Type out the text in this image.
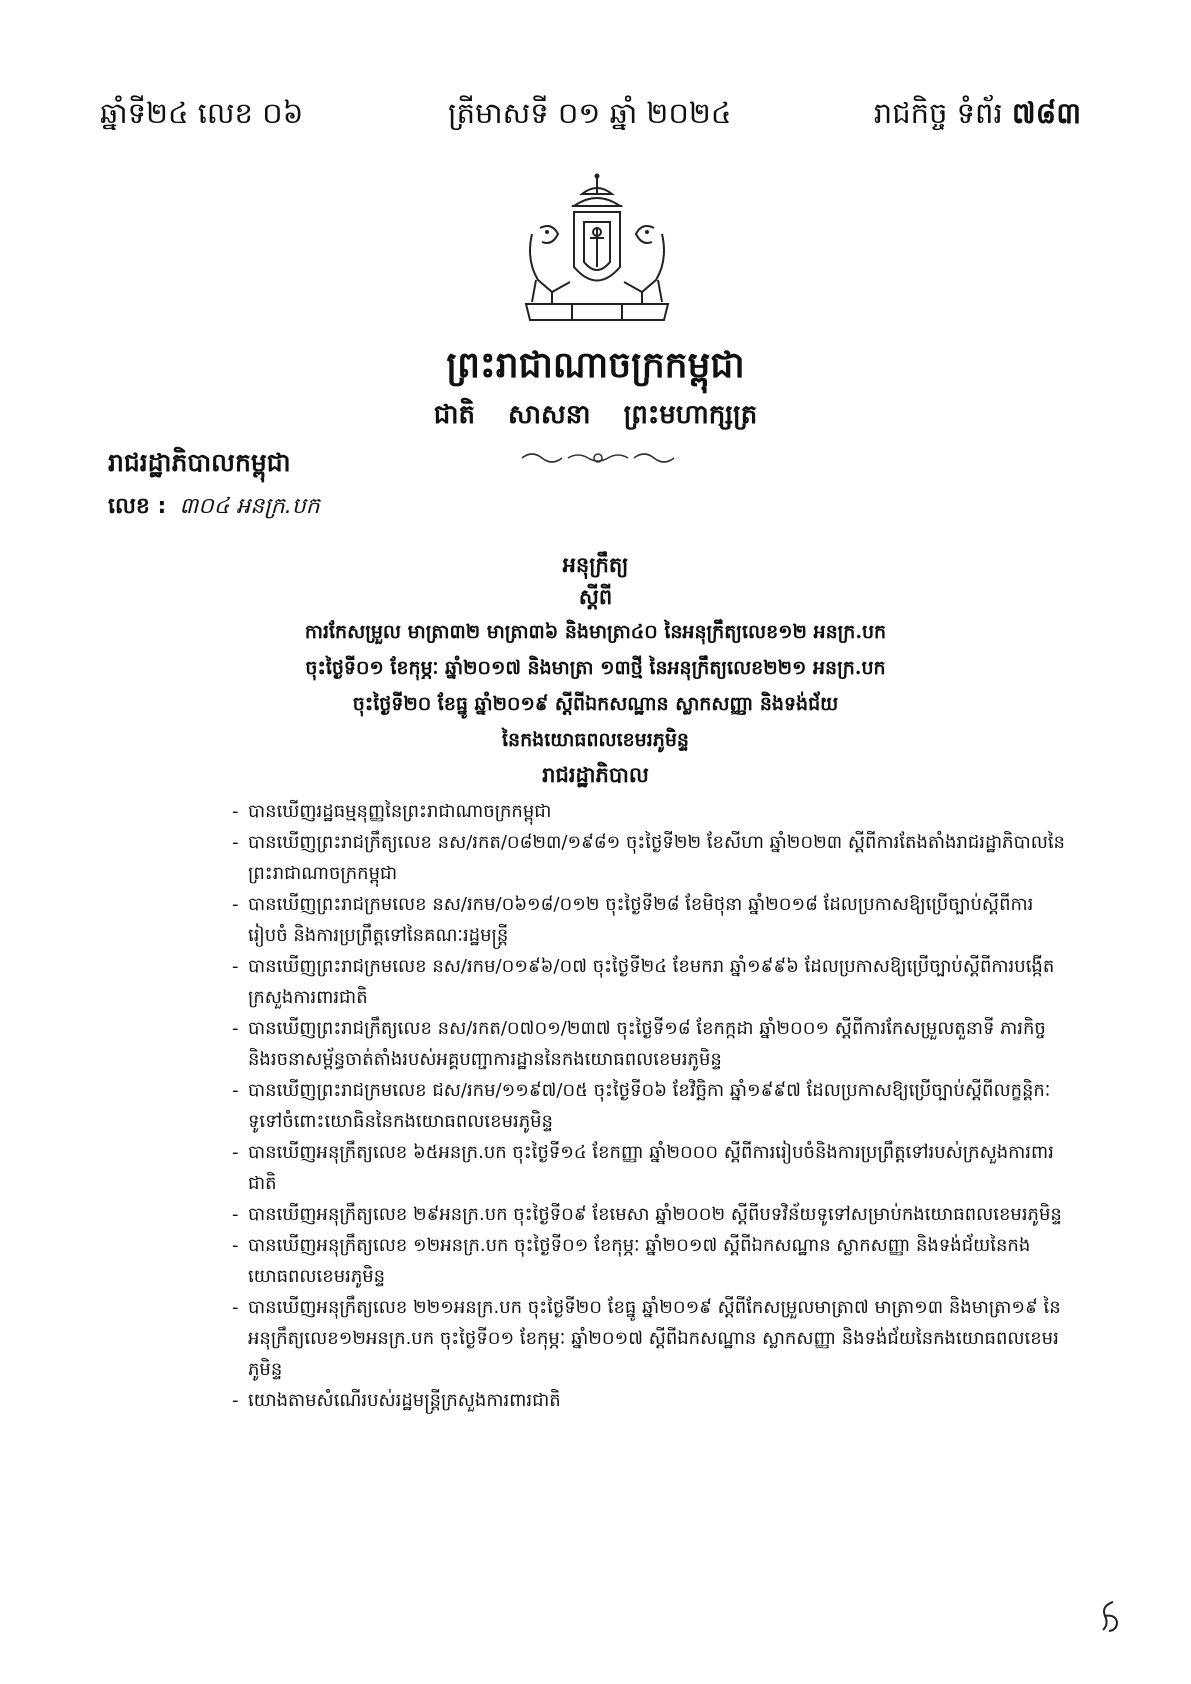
ឆ្នាំទី២៤ លេខ ០៦	ត្រីមាសទី ០១ ឆ្នាំ ២០២៤	រាជកិច្ច ទំព័រ ៧៨៣
ព្រះរាជាណាចក្រកម្ពុជា
ជាតិ សាសនា ព្រះមហាក្សត្រ
រាជរដ្ឋាភិបាលកម្ពុជា
លេខ : ៣០៤ អនក្រ.បក
អនុក្រឹត្យ
ស្ដីពី
ការកែសម្រួល មាត្រា៣២ មាត្រា៣៦ និងមាត្រា៤០ នៃអនុក្រឹត្យលេខ១២ អនក្រ.បក
ចុះថ្ងៃទី០១ ខែកុម្ភៈ ឆ្នាំ២០១៧ និងមាត្រា ១៣ថ្មី នៃអនុក្រឹត្យលេខ២២១ អនក្រ.បក
ចុះថ្ងៃទី២០ ខែធ្នូ ឆ្នាំ២០១៩ ស្ដីពីឯកសណ្ឋាន ស្លាកសញ្ញា និងទង់ជ័យ
នៃកងយោធពលខេមរភូមិន្ទ
រាជរដ្ឋាភិបាល
- បានឃើញរដ្ឋធម្មនុញ្ញនៃព្រះរាជាណាចក្រកម្ពុជា
- បានឃើញព្រះរាជក្រឹត្យលេខ នស/រកត/០៨២៣/១៩៨១ ចុះថ្ងៃទី២២ ខែសីហា ឆ្នាំ២០២៣ ស្ដីពីការតែងតាំងរាជរដ្ឋាភិបាលនៃព្រះរាជាណាចក្រកម្ពុជា
- បានឃើញព្រះរាជក្រមលេខ នស/រកម/០៦១៨/០១២ ចុះថ្ងៃទី២៨ ខែមិថុនា ឆ្នាំ២០១៨ ដែលប្រកាសឱ្យប្រើច្បាប់ស្ដីពីការរៀបចំ និងការប្រព្រឹត្តទៅនៃគណៈរដ្ឋមន្ត្រី
- បានឃើញព្រះរាជក្រមលេខ នស/រកម/០១៩៦/០៧ ចុះថ្ងៃទី២៤ ខែមករា ឆ្នាំ១៩៩៦ ដែលប្រកាសឱ្យប្រើច្បាប់ស្ដីពីការបង្កើតក្រសួងការពារជាតិ
- បានឃើញព្រះរាជក្រឹត្យលេខ នស/រកត/០៧០១/២៣៧ ចុះថ្ងៃទី១៨ ខែកក្កដា ឆ្នាំ២០០១ ស្ដីពីការកែសម្រួលតួនាទី ភារកិច្ច និងរចនាសម្ព័ន្ធចាត់តាំងរបស់អគ្គបញ្ជាការដ្ឋាននៃកងយោធពលខេមរភូមិន្ទ
- បានឃើញព្រះរាជក្រមលេខ ជស/រកម/១១៩៧/០៥ ចុះថ្ងៃទី០៦ ខែវិច្ឆិកា ឆ្នាំ១៩៩៧ ដែលប្រកាសឱ្យប្រើច្បាប់ស្ដីពីលក្ខន្តិកៈទូទៅចំពោះយោធិននៃកងយោធពលខេមរភូមិន្ទ
- បានឃើញអនុក្រឹត្យលេខ ៦៥អនក្រ.បក ចុះថ្ងៃទី១៤ ខែកញ្ញា ឆ្នាំ២០០០ ស្ដីពីការរៀបចំនិងការប្រព្រឹត្តទៅរបស់ក្រសួងការពារជាតិ
- បានឃើញអនុក្រឹត្យលេខ ២៩អនក្រ.បក ចុះថ្ងៃទី០៩ ខែមេសា ឆ្នាំ២០០២ ស្ដីពីបទវិន័យទូទៅសម្រាប់កងយោធពលខេមរភូមិន្ទ
- បានឃើញអនុក្រឹត្យលេខ ១២អនក្រ.បក ចុះថ្ងៃទី០១ ខែកុម្ភៈ ឆ្នាំ២០១៧ ស្ដីពីឯកសណ្ឋាន ស្លាកសញ្ញា និងទង់ជ័យនៃកងយោធពលខេមរភូមិន្ទ
- បានឃើញអនុក្រឹត្យលេខ ២២១អនក្រ.បក ចុះថ្ងៃទី២០ ខែធ្នូ ឆ្នាំ២០១៩ ស្ដីពីកែសម្រួលមាត្រា៧ មាត្រា១៣ និងមាត្រា១៩ នៃអនុក្រឹត្យលេខ១២អនក្រ.បក ចុះថ្ងៃទី០១ ខែកុម្ភៈ ឆ្នាំ២០១៧ ស្ដីពីឯកសណ្ឋាន ស្លាកសញ្ញា និងទង់ជ័យនៃកងយោធពលខេមរភូមិន្ទ
- យោងតាមសំណើរបស់រដ្ឋមន្ត្រីក្រសួងការពារជាតិ
